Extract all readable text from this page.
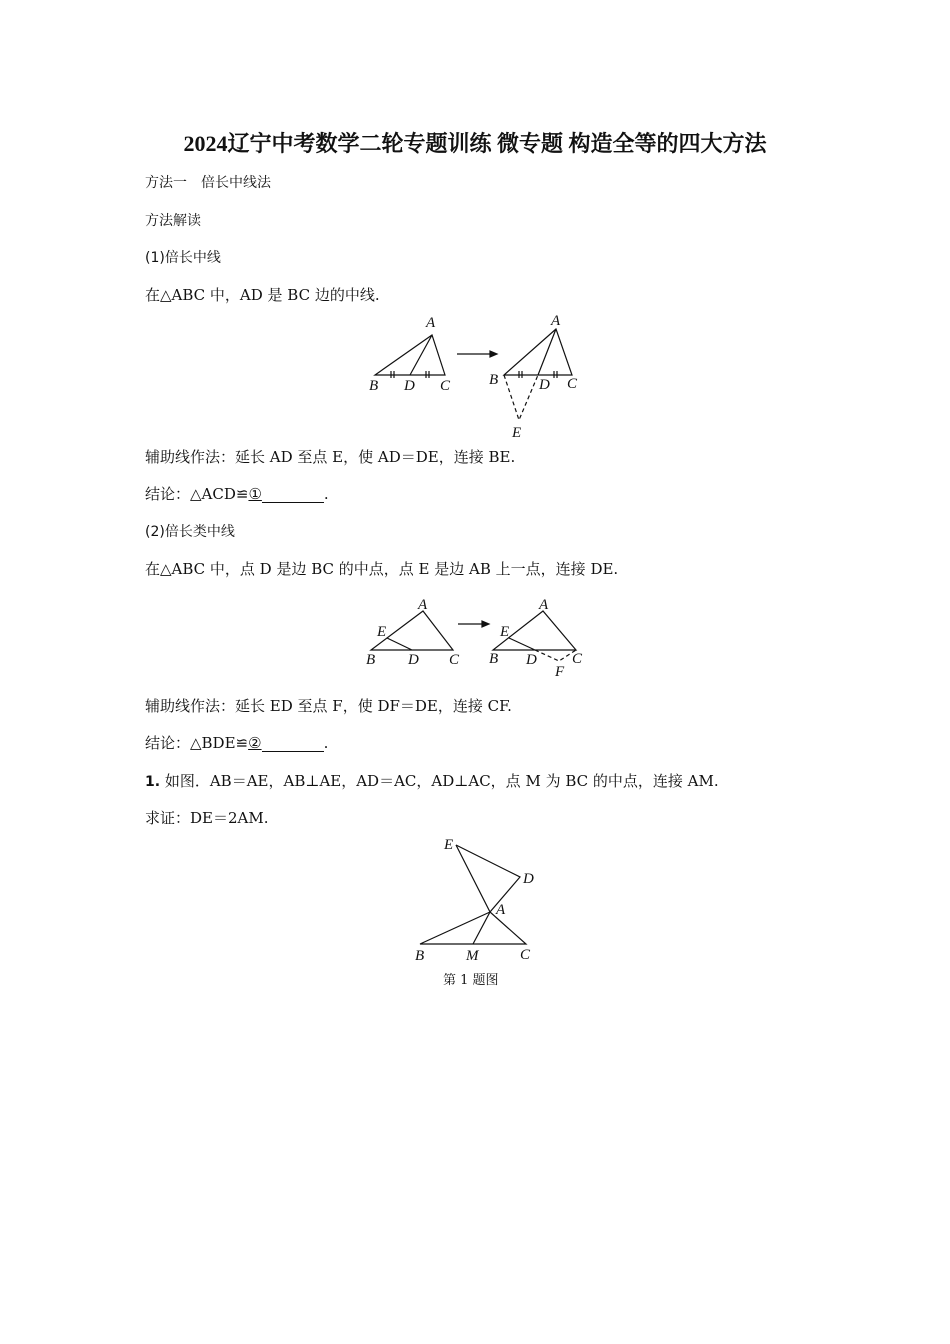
2024辽宁中考数学二轮专题训练 微专题 构造全等的四大方法
方法一　倍长中线法
方法解读
(1)倍长中线
在△ABC 中，AD 是 BC 边的中线.
A
B D C
A
B	D C
E
A
E
B D C
A
E
B D C
F
E
D
A
B	M	C
辅助线作法：延长 AD 至点 E，使 AD＝DE，连接 BE.
结论：△ACD≌①	.
(2)倍长类中线
在△ABC 中，点 D 是边 BC 的中点，点 E 是边 AB 上一点，连接 DE.
辅助线作法：延长 ED 至点 F，使 DF＝DE，连接 CF.
结论：△BDE≌②	.
1. 如图．AB＝AE，AB⊥AE，AD＝AC，AD⊥AC，点 M 为 BC 的中点，连接 AM.
求证：DE＝2AM.
第 1 题图
